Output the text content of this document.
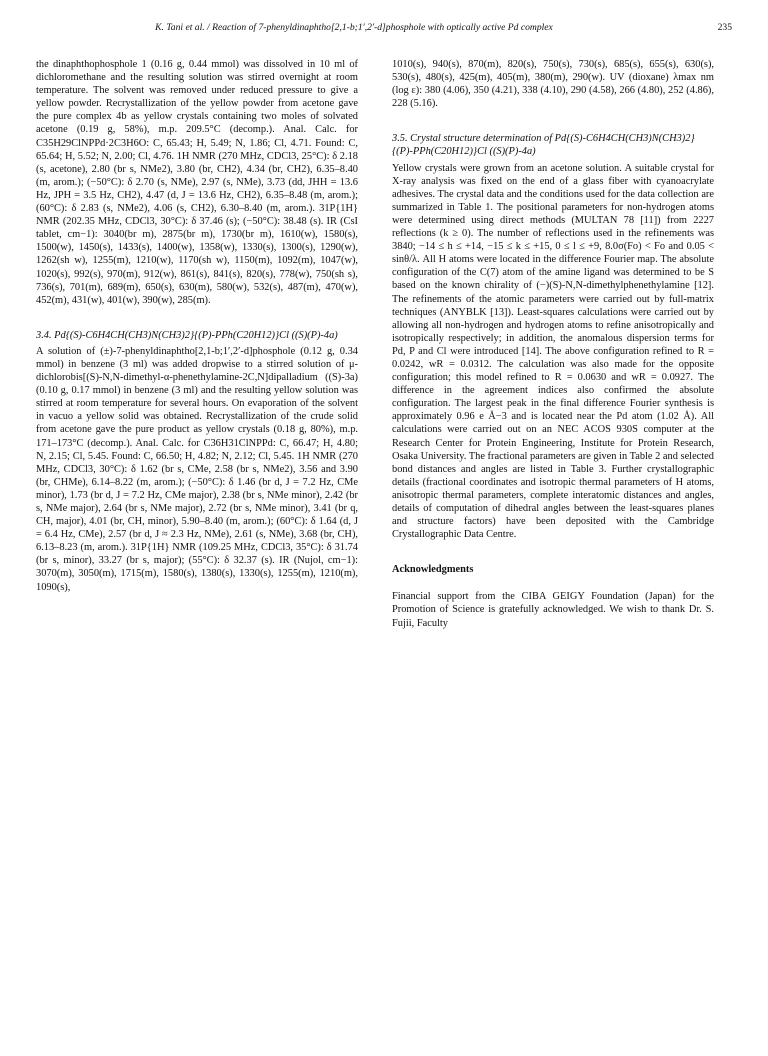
K. Tani et al. / Reaction of 7-phenyldinaphtho[2,1-b;1′,2′-d]phosphole with optically active Pd complex	235

the dinaphthophosphole 1 (0.16 g, 0.44 mmol) was dissolved in 10 ml of dichloromethane and the resulting solution was stirred overnight at room temperature. The solvent was removed under reduced pressure to give a yellow powder. Recrystallization of the yellow powder from acetone gave the pure complex 4b as yellow crystals containing two moles of solvated acetone (0.19 g, 58%), m.p. 209.5°C (decomp.). Anal. Calc. for C35H29ClNPPd·2C3H6O: C, 65.43; H, 5.49; N, 1.86; Cl, 4.71. Found: C, 65.64; H, 5.52; N, 2.00; Cl, 4.76. 1H NMR (270 MHz, CDCl3, 25°C): δ 2.18 (s, acetone), 2.80 (br s, NMe2), 3.80 (br, CH2), 4.34 (br, CH2), 6.35–8.40 (m, arom.); (−50°C): δ 2.70 (s, NMe), 2.97 (s, NMe), 3.73 (dd, JHH = 13.6 Hz, JPH = 3.5 Hz, CH2), 4.47 (d, J = 13.6 Hz, CH2), 6.35–8.48 (m, arom.); (60°C): δ 2.83 (s, NMe2), 4.06 (s, CH2), 6.30–8.40 (m, arom.). 31P{1H} NMR (202.35 MHz, CDCl3, 30°C): δ 37.46 (s); (−50°C): 38.48 (s). IR (CsI tablet, cm−1): 3040(br m), 2875(br m), 1730(br m), 1610(w), 1580(s), 1500(w), 1450(s), 1433(s), 1400(w), 1358(w), 1330(s), 1300(s), 1290(w), 1262(sh w), 1255(m), 1210(w), 1170(sh w), 1150(m), 1092(m), 1047(w), 1020(s), 992(s), 970(m), 912(w), 861(s), 841(s), 820(s), 778(w), 750(sh s), 736(s), 701(m), 689(m), 650(s), 630(m), 580(w), 532(s), 487(m), 470(w), 452(m), 431(w), 401(w), 390(w), 285(m).

3.4. Pd{(S)-C6H4CH(CH3)N(CH3)2}{(P)-PPh(C20H12)}Cl ((S)(P)-4a)

A solution of (±)-7-phenyldinaphtho[2,1-b;1′,2′-d]phosphole (0.12 g, 0.34 mmol) in benzene (3 ml) was added dropwise to a stirred solution of μ-dichlorobis[(S)-N,N-dimethyl-α-phenethylamine-2C,N]dipalladium ((S)-3a) (0.10 g, 0.17 mmol) in benzene (3 ml) and the resulting yellow solution was stirred at room temperature for several hours. On evaporation of the solvent in vacuo a yellow solid was obtained. Recrystallization of the crude solid from acetone gave the pure product as yellow crystals (0.18 g, 80%), m.p. 171–173°C (decomp.). Anal. Calc. for C36H31ClNPPd: C, 66.47; H, 4.80; N, 2.15; Cl, 5.45. Found: C, 66.50; H, 4.82; N, 2.12; Cl, 5.45. 1H NMR (270 MHz, CDCl3, 30°C): δ 1.62 (br s, CMe, 2.58 (br s, NMe2), 3.56 and 3.90 (br, CHMe), 6.14–8.22 (m, arom.); (−50°C): δ 1.46 (br d, J = 7.2 Hz, CMe minor), 1.73 (br d, J = 7.2 Hz, CMe major), 2.38 (br s, NMe minor), 2.42 (br s, NMe major), 2.64 (br s, NMe major), 2.72 (br s, NMe minor), 3.41 (br q, CH, major), 4.01 (br, CH, minor), 5.90–8.40 (m, arom.); (60°C): δ 1.64 (d, J = 6.4 Hz, CMe), 2.57 (br d, J ≈ 2.3 Hz, NMe), 2.61 (s, NMe), 3.68 (br, CH), 6.13–8.23 (m, arom.). 31P{1H} NMR (109.25 MHz, CDCl3, 35°C): δ 31.74 (br s, minor), 33.27 (br s, major); (55°C): δ 32.37 (s). IR (Nujol, cm−1): 3070(m), 3050(m), 1715(m), 1580(s), 1380(s), 1330(s), 1255(m), 1210(m), 1090(s),

1010(s), 940(s), 870(m), 820(s), 750(s), 730(s), 685(s), 655(s), 630(s), 530(s), 480(s), 425(m), 405(m), 380(m), 290(w). UV (dioxane) λmax nm (log ε): 380 (4.06), 350 (4.21), 338 (4.10), 290 (4.58), 266 (4.80), 252 (4.86), 228 (5.16).

3.5. Crystal structure determination of Pd{(S)-C6H4CH(CH3)N(CH3)2}{(P)-PPh(C20H12)}Cl ((S)(P)-4a)

Yellow crystals were grown from an acetone solution. A suitable crystal for X-ray analysis was fixed on the end of a glass fiber with cyanoacrylate adhesives. The crystal data and the conditions used for the data collection are summarized in Table 1. The positional parameters for non-hydrogen atoms were determined using direct methods (MULTAN 78 [11]) from 2227 reflections (k ≥ 0). The number of reflections used in the refinements was 3840; −14 ≤ h ≤ +14, −15 ≤ k ≤ +15, 0 ≤ l ≤ +9, 8.0σ(Fo) < Fo and 0.05 < sinθ/λ. All H atoms were located in the difference Fourier map. The absolute configuration of the C(7) atom of the amine ligand was determined to be S based on the known chirality of (−)(S)-N,N-dimethylphenethylamine [12]. The refinements of the atomic parameters were carried out by full-matrix techniques (ANYBLK [13]). Least-squares calculations were carried out by allowing all non-hydrogen and hydrogen atoms to refine anisotropically and isotropically respectively; in addition, the anomalous dispersion terms for Pd, P and Cl were introduced [14]. The above configuration refined to R = 0.0242, wR = 0.0312. The calculation was also made for the opposite configuration; this model refined to R = 0.0630 and wR = 0.0927. The difference in the agreement indices also confirmed the absolute configuration. The largest peak in the final difference Fourier synthesis is approximately 0.96 e Å−3 and is located near the Pd atom (1.02 Å). All calculations were carried out on an NEC ACOS 930S computer at the Research Center for Protein Engineering, Institute for Protein Research, Osaka University. The fractional parameters are given in Table 2 and selected bond distances and angles are listed in Table 3. Further crystallographic details (fractional coordinates and isotropic thermal parameters of H atoms, anisotropic thermal parameters, complete interatomic distances and angles, details of computation of dihedral angles between the least-squares planes and structure factors) have been deposited with the Cambridge Crystallographic Data Centre.

Acknowledgments

Financial support from the CIBA GEIGY Foundation (Japan) for the Promotion of Science is gratefully acknowledged. We wish to thank Dr. S. Fujii, Faculty
